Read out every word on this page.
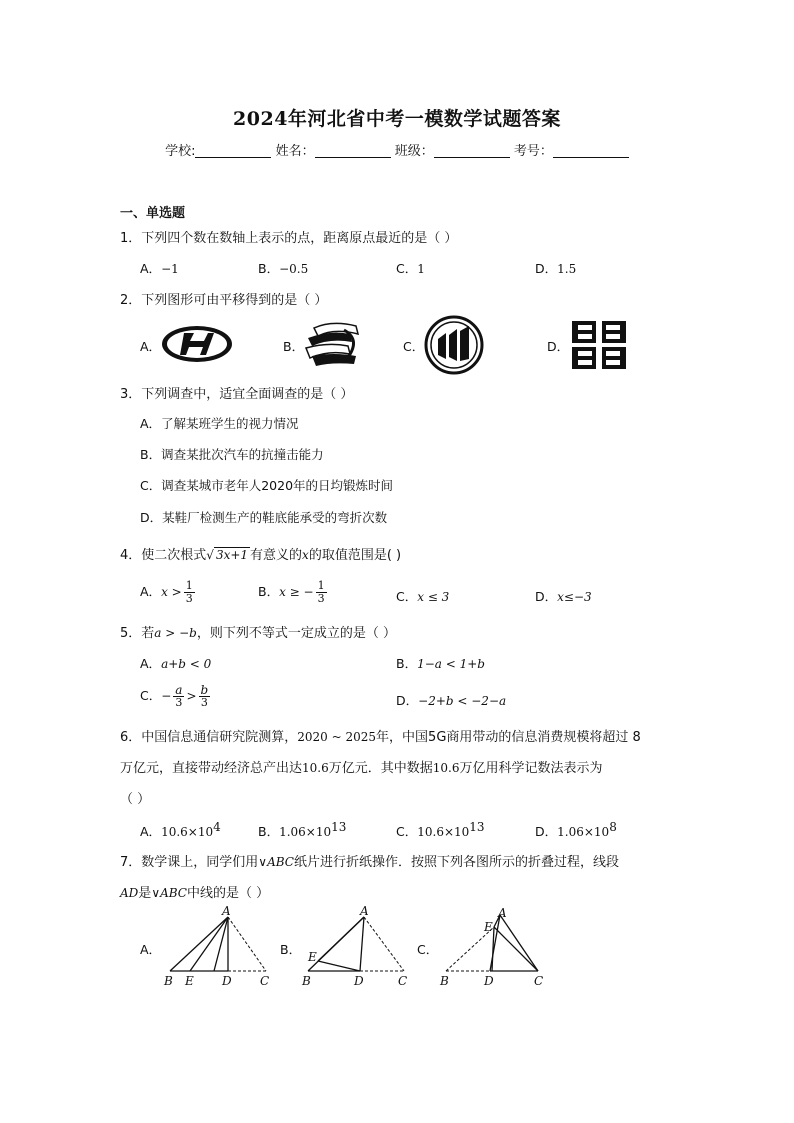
2024年河北省中考一模数学试题答案
学校:	姓名：	班级：	考号：
一、单选题
1．下列四个数在数轴上表示的点，距离原点最近的是（ ）
A．−1	B．−0.5	C．1	D．1.5
2．下列图形可由平移得到的是（ ）
A．	B．	C．	D．
3．下列调查中，适宜全面调查的是（ ）
A．了解某班学生的视力情况
B．调查某批次汽车的抗撞击能力
C．调查某城市老年人2020年的日均锻炼时间
D．某鞋厂检测生产的鞋底能承受的弯折次数
4．使二次根式√ 3x+1 有意义的x的取值范围是( )
A．$x > \frac{1}{3}$	B．x ≥ − $\frac{1}{3}$	C．x ≤ 3	D．x≤−3
5．若a > −b，则下列不等式一定成立的是（ ）
A．a+b < 0	B．1−a < 1+b
C．− $\frac{a}{3} > \frac{b}{3}$	D．−2+b < −2−a
6．中国信息通信研究院测算，2020 ~ 2025年，中国5G商用带动的信息消费规模将超过 8
万亿元，直接带动经济总产出达10.6万亿元．其中数据10.6万亿用科学记数法表示为
（ ）
A．$10.6\times 10^4$	B．$1.06\times 10^{13}$	C．$10.6\times 10^{13}$	D．$1.06\times 10^8$
7．数学课上，同学们用∨ABC纸片进行折纸操作．按照下列各图所示的折叠过程，线段
AD是∨ABC中线的是（ ）
A．
A
B E D C
B．
A
E
B	D	C
C．
A
E
B	D	C
